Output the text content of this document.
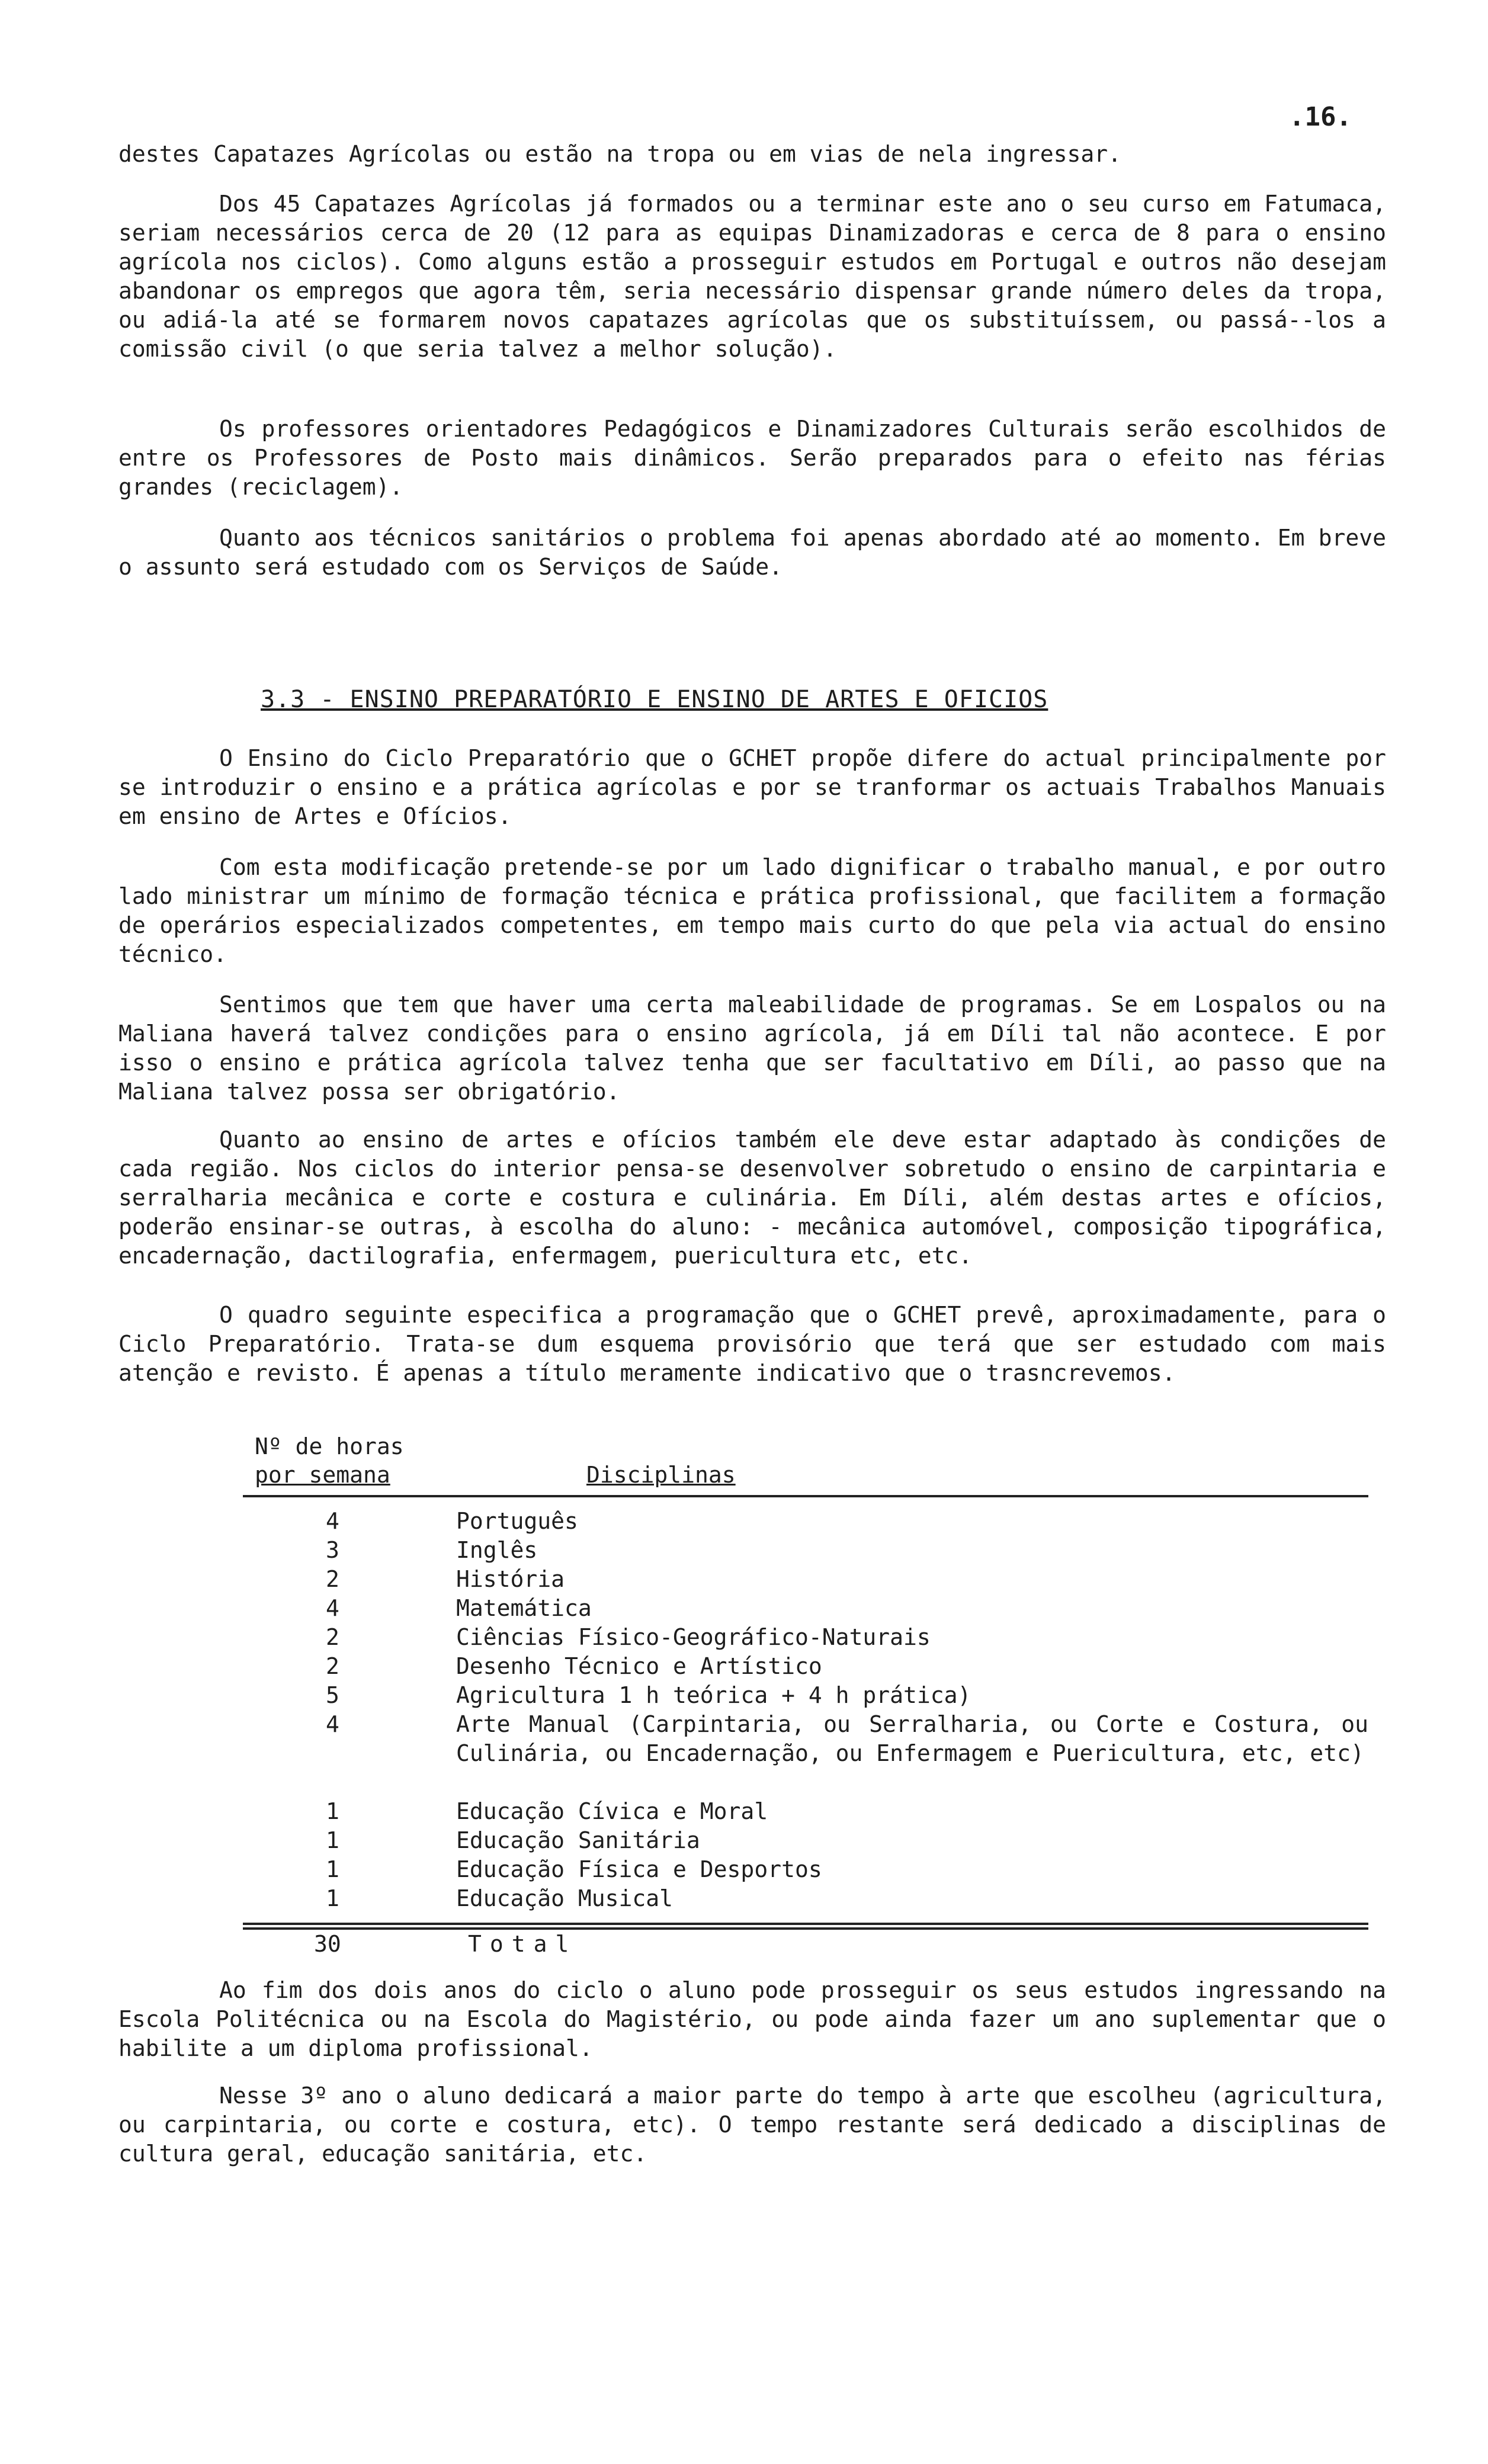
.16.

destes Capatazes Agrícolas ou estão na tropa ou em vias de nela ingressar.

Dos 45 Capatazes Agrícolas já formados ou a terminar este ano o seu curso em Fatumaca, seriam necessários cerca de 20 (12 para as equipas Dinamizadoras e cerca de 8 para o ensino agrícola nos ciclos). Como alguns estão a prosseguir estudos em Portugal e outros não desejam abandonar os empregos que agora têm, seria necessário dispensar grande número deles da tropa, ou adiá-la até se formarem novos capatazes agrícolas que os substituíssem, ou passá--los a comissão civil (o que seria talvez a melhor solução).

Os professores orientadores Pedagógicos e Dinamizadores Culturais serão escolhidos de entre os Professores de Posto mais dinâmicos. Serão preparados para o efeito nas férias grandes (reciclagem).

Quanto aos técnicos sanitários o problema foi apenas abordado até ao momento. Em breve o assunto será estudado com os Serviços de Saúde.

3.3 - ENSINO PREPARATÓRIO E ENSINO DE ARTES E OFICIOS

O Ensino do Ciclo Preparatório que o GCHET propõe difere do actual principalmente por se introduzir o ensino e a prática agrícolas e por se tranformar os actuais Trabalhos Manuais em ensino de Artes e Ofícios.

Com esta modificação pretende-se por um lado dignificar o trabalho manual, e por outro lado ministrar um mínimo de formação técnica e prática profissional, que facilitem a formação de operários especializados competentes, em tempo mais curto do que pela via actual do ensino técnico.

Sentimos que tem que haver uma certa maleabilidade de programas. Se em Lospalos ou na Maliana haverá talvez condições para o ensino agrícola, já em Díli tal não acontece. E por isso o ensino e prática agrícola talvez tenha que ser facultativo em Díli, ao passo que na Maliana talvez possa ser obrigatório.

Quanto ao ensino de artes e ofícios também ele deve estar adaptado às condições de cada região. Nos ciclos do interior pensa-se desenvolver sobretudo o ensino de carpintaria e serralharia mecânica e corte e costura e culinária. Em Díli, além destas artes e ofícios, poderão ensinar-se outras, à escolha do aluno: - mecânica automóvel, composição tipográfica, encadernação, dactilografia, enfermagem, puericultura etc, etc.

O quadro seguinte especifica a programação que o GCHET prevê, aproximadamente, para o Ciclo Preparatório. Trata-se dum esquema provisório que terá que ser estudado com mais atenção e revisto. É apenas a título meramente indicativo que o trasncrevemos.

Nº de horas
por semana	Disciplinas
4	Português
3	Inglês
2	História
4	Matemática
2	Ciências Físico-Geográfico-Naturais
2	Desenho Técnico e Artístico
5	Agricultura 1 h teórica + 4 h prática)
4	Arte Manual (Carpintaria, ou Serralharia, ou Corte e Costura, ou Culinária, ou Encadernação, ou Enfermagem e Puericultura, etc, etc)
1	Educação Cívica e Moral
1	Educação Sanitária
1	Educação Física e Desportos
1	Educação Musical
30	Total

Ao fim dos dois anos do ciclo o aluno pode prosseguir os seus estudos ingressando na Escola Politécnica ou na Escola do Magistério, ou pode ainda fazer um ano suplementar que o habilite a um diploma profissional.

Nesse 3º ano o aluno dedicará a maior parte do tempo à arte que escolheu (agricultura, ou carpintaria, ou corte e costura, etc). O tempo restante será dedicado a disciplinas de cultura geral, educação sanitária, etc.
